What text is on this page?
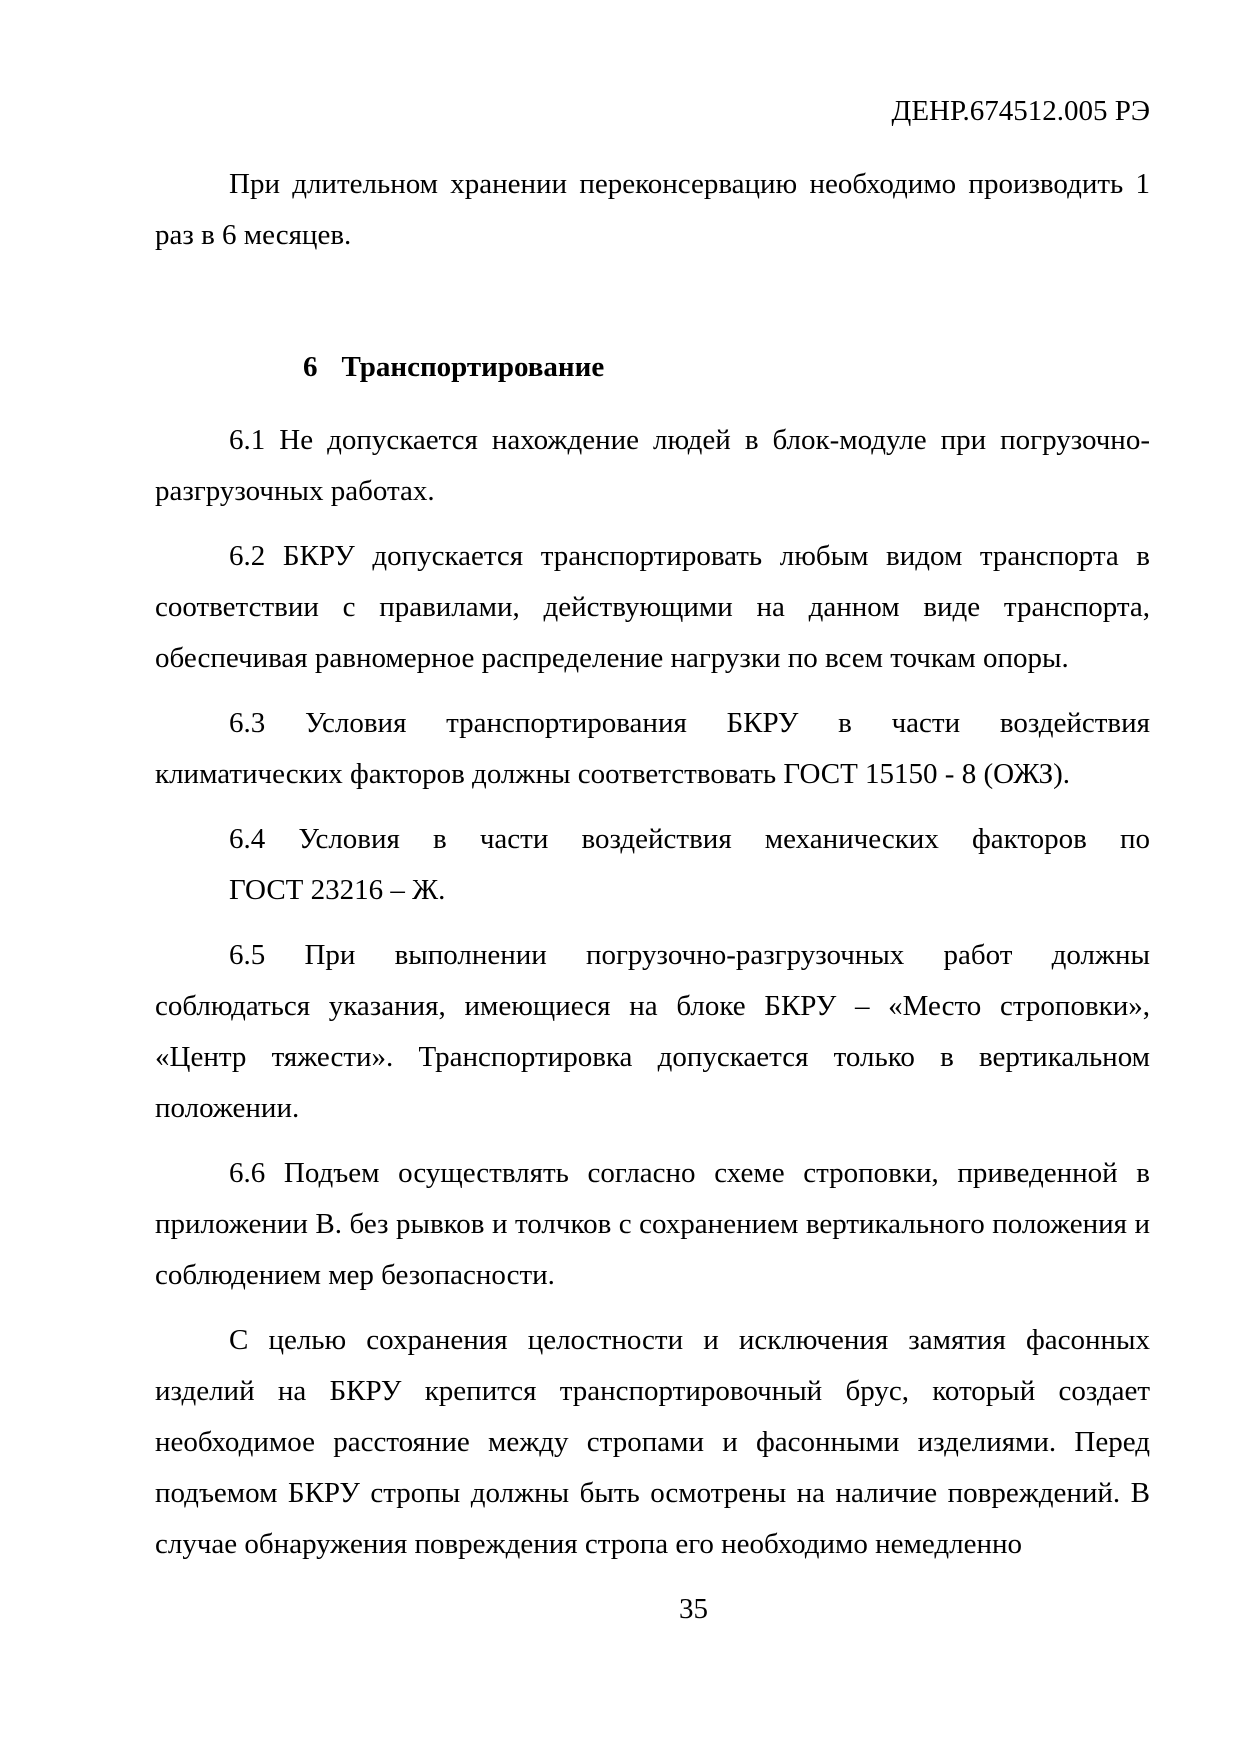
ДЕНР.674512.005 РЭ
При длительном хранении переконсервацию необходимо производить 1 раз в 6 месяцев.
6 Транспортирование
6.1 Не допускается нахождение людей в блок-модуле при погрузочно-разгрузочных работах.
6.2 БКРУ допускается транспортировать любым видом транспорта в соответствии с правилами, действующими на данном виде транспорта, обеспечивая равномерное распределение нагрузки по всем точкам опоры.
6.3 Условия транспортирования БКРУ в части воздействия климатических факторов должны соответствовать ГОСТ 15150 - 8 (ОЖЗ).
6.4 Условия в части воздействия механических факторов по
ГОСТ 23216 – Ж.
6.5 При выполнении погрузочно-разгрузочных работ должны соблюдаться указания, имеющиеся на блоке БКРУ – «Место строповки», «Центр тяжести». Транспортировка допускается только в вертикальном положении.
6.6 Подъем осуществлять согласно схеме строповки, приведенной в приложении В. без рывков и толчков с сохранением вертикального положения и соблюдением мер безопасности.
С целью сохранения целостности и исключения замятия фасонных изделий на БКРУ крепится транспортировочный брус, который создает необходимое расстояние между стропами и фасонными изделиями. Перед подъемом БКРУ стропы должны быть осмотрены на наличие повреждений. В случае обнаружения повреждения стропа его необходимо немедленно
35
